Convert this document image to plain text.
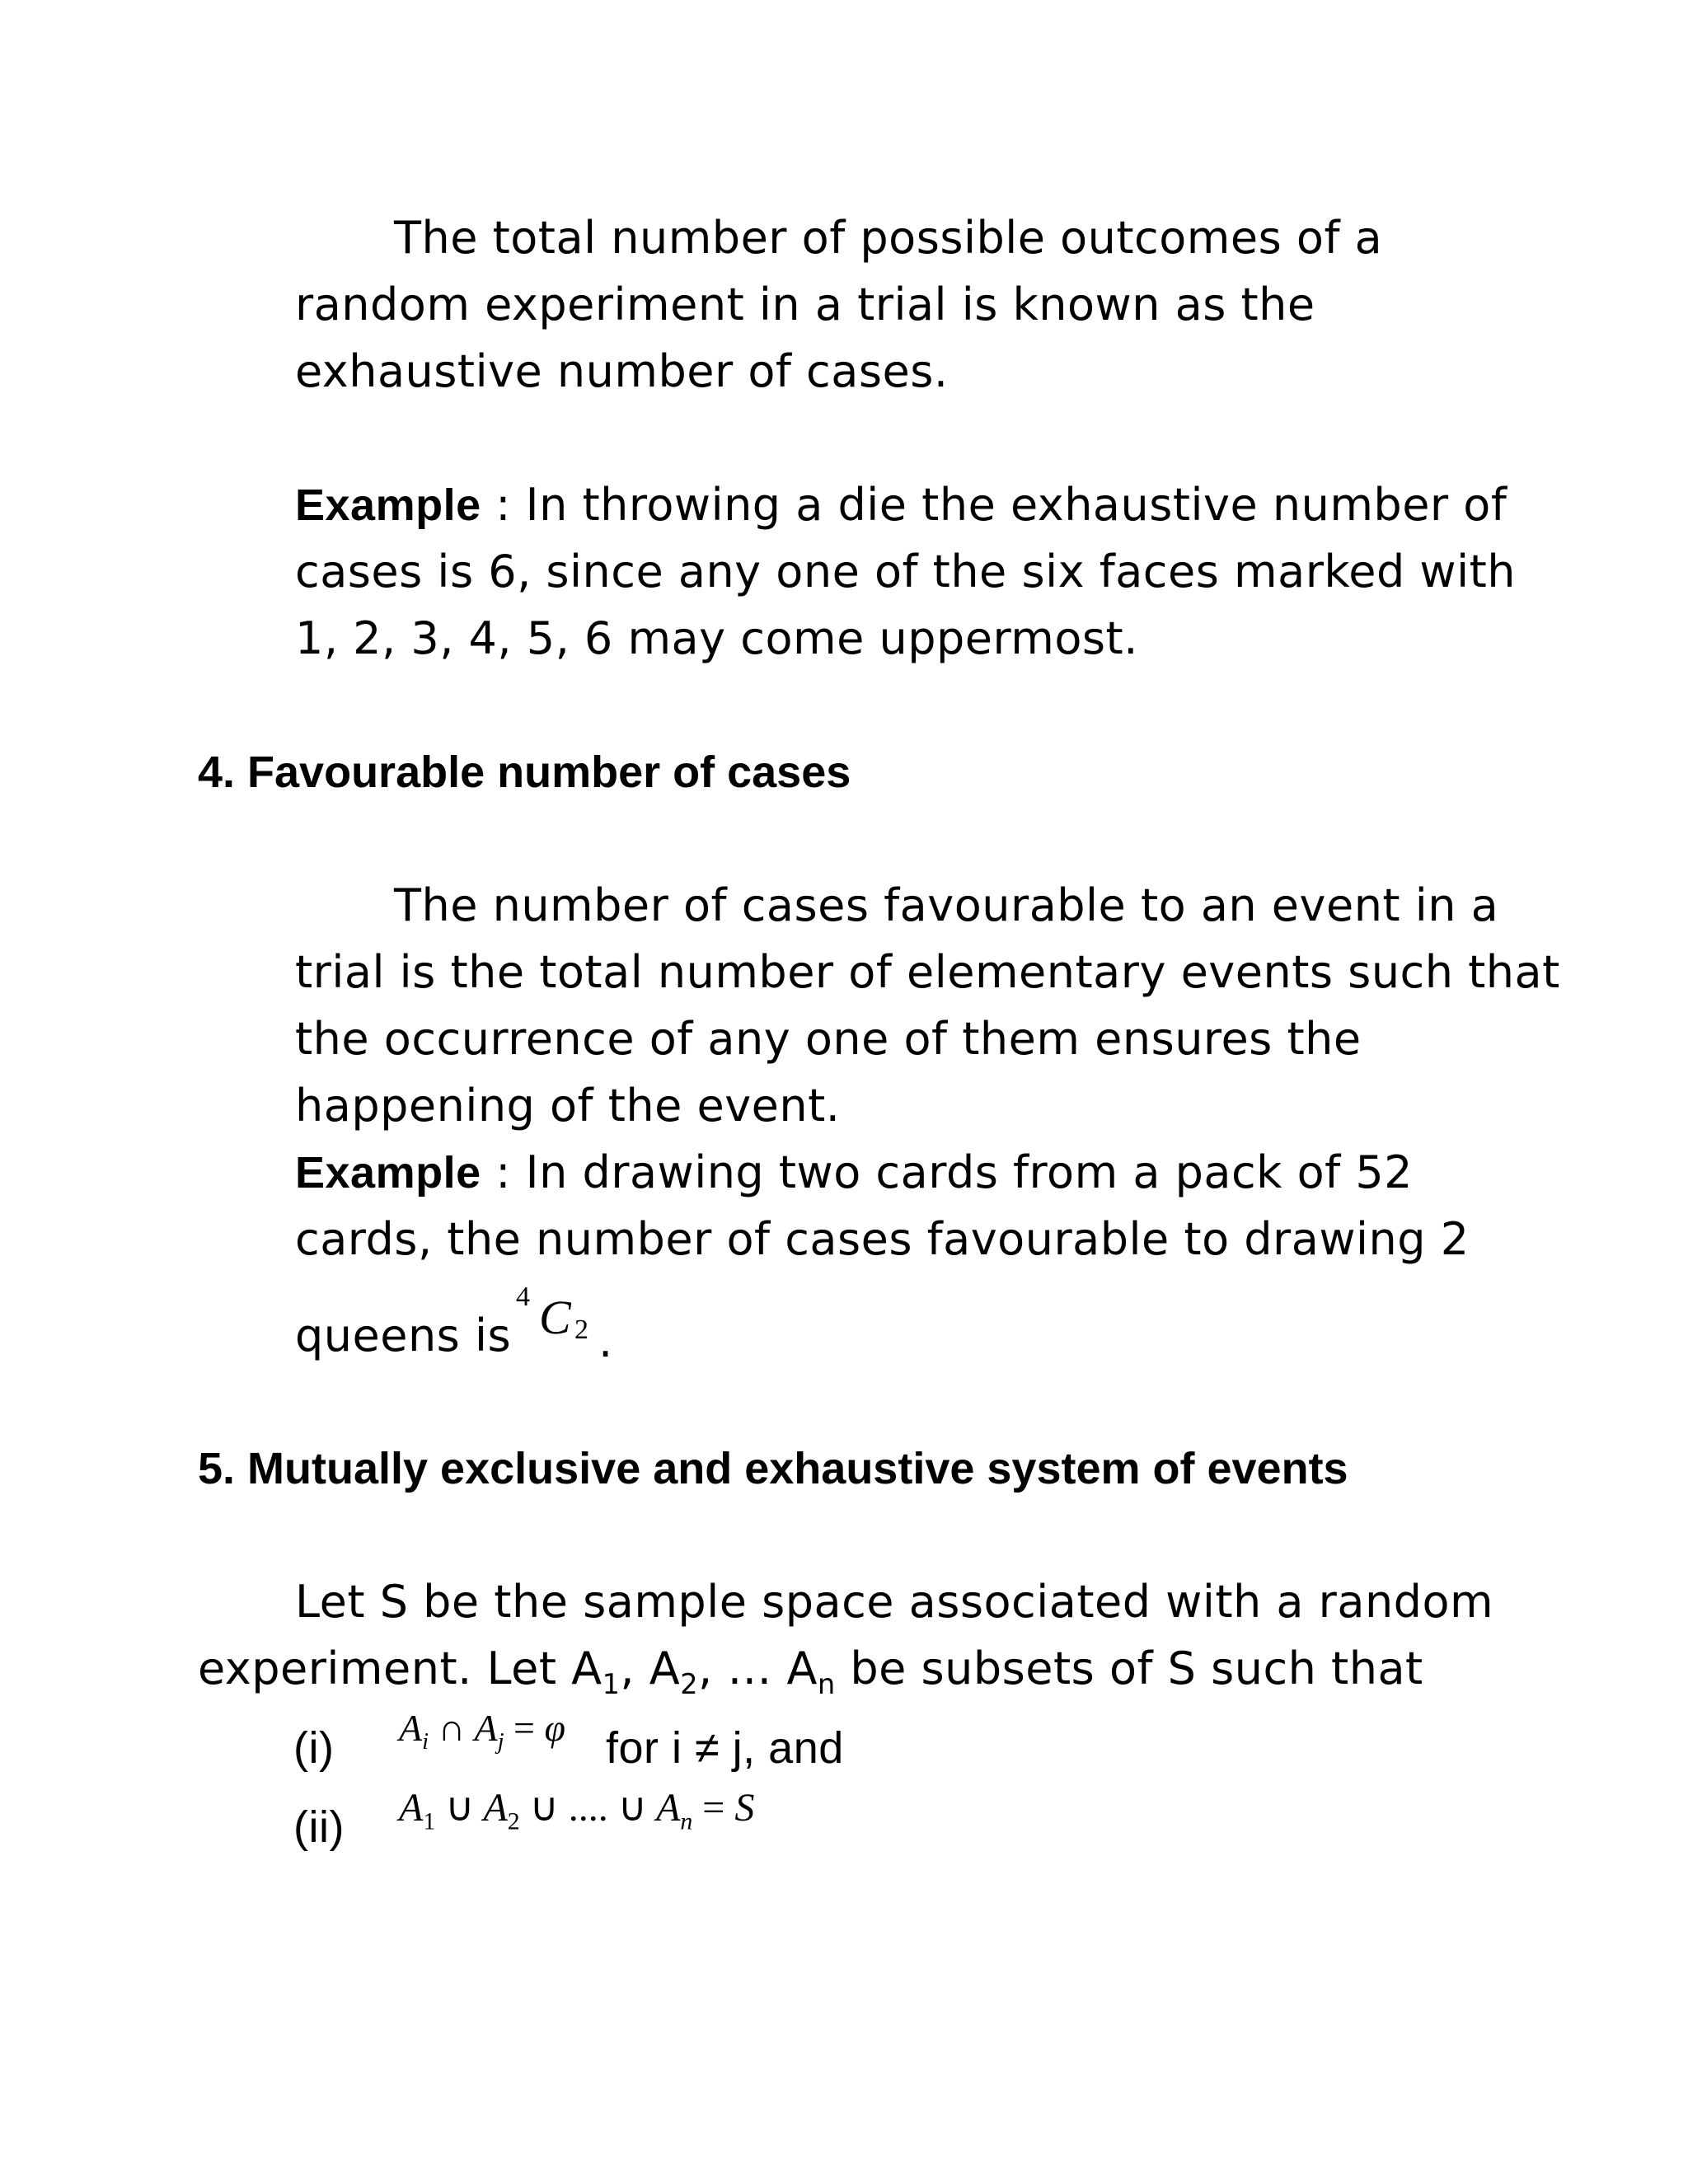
The total number of possible outcomes of a
random experiment in a trial is known as the
exhaustive number of cases.
Example : In throwing a die the exhaustive number of
cases is 6, since any one of the six faces marked with
1, 2, 3, 4, 5, 6 may come uppermost.
4. Favourable number of cases
The number of cases favourable to an event in a
trial is the total number of elementary events such that
the occurrence of any one of them ensures the
happening of the event.
Example : In drawing two cards from a pack of 52
cards, the number of cases favourable to drawing 2
queens is
4 C 2 .
5. Mutually exclusive and exhaustive system of events
Let S be the sample space associated with a random
experiment. Let $A_1$, $A_2$, … $A_n$ be subsets of S such that
(i) $A_i$ ∩ $A_j = \varphi$ for i ≠ j, and
(ii) $A_1$ ∪ $A_2$ ∪ .... ∪ $A_n = S$
